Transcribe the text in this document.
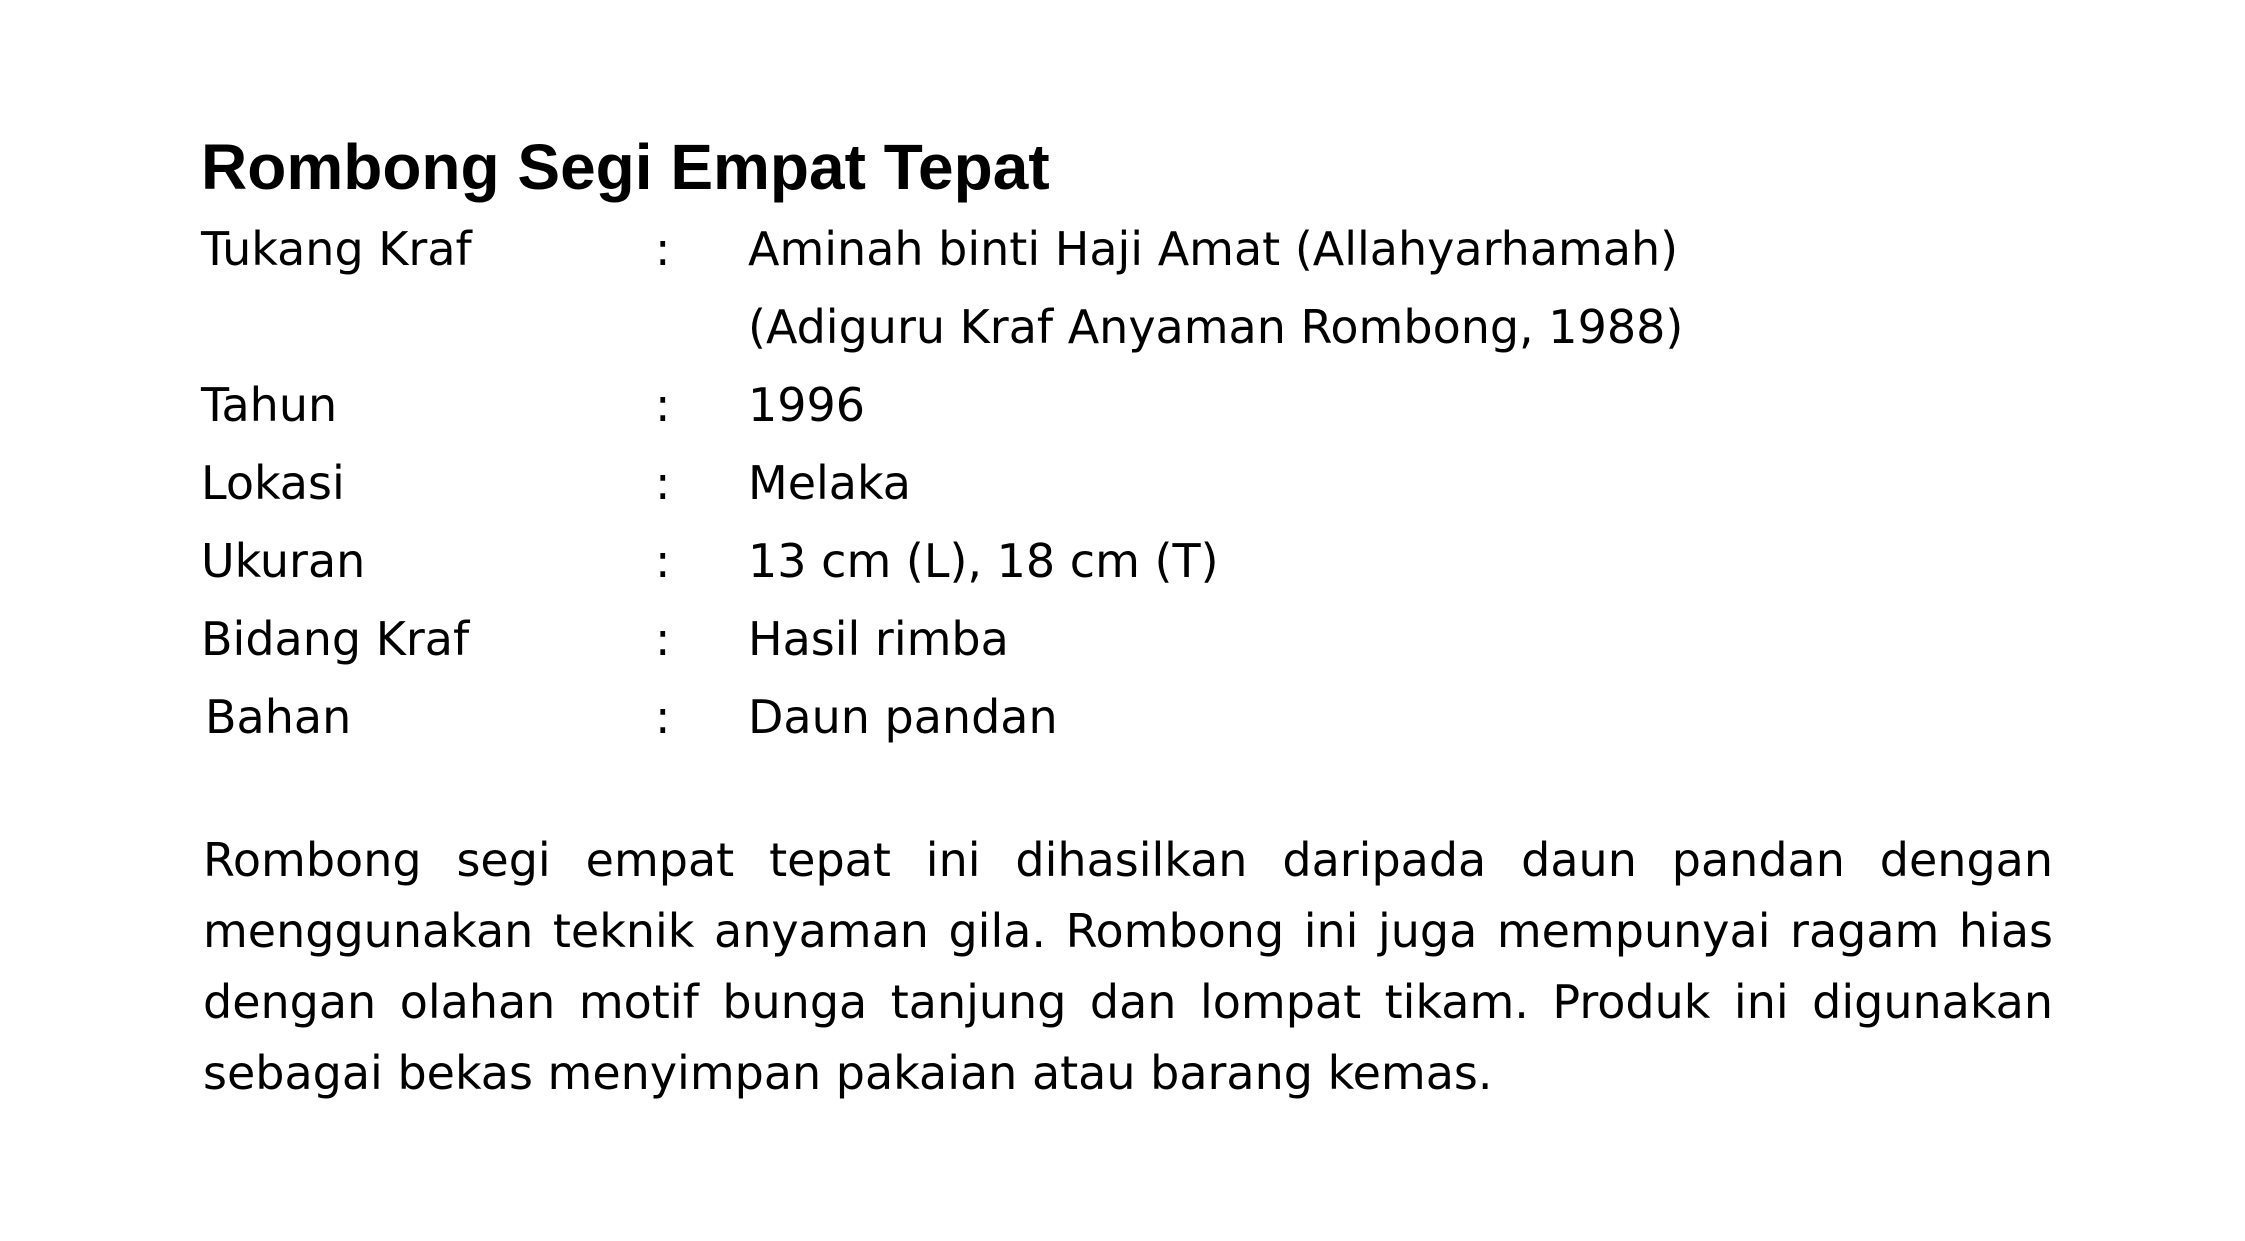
Rombong Segi Empat Tepat
Tukang Kraf	: Aminah binti Haji Amat (Allahyarhamah)
(Adiguru Kraf Anyaman Rombong, 1988)
Tahun	: 1996
Lokasi	: Melaka
Ukuran	: 13 cm (L), 18 cm (T)
Bidang Kraf	: Hasil rimba
Bahan	: Daun pandan

Rombong segi empat tepat ini dihasilkan daripada daun pandan dengan menggunakan teknik anyaman gila. Rombong ini juga mempunyai ragam hias dengan olahan motif bunga tanjung dan lompat tikam. Produk ini digunakan sebagai bekas menyimpan pakaian atau barang kemas.
